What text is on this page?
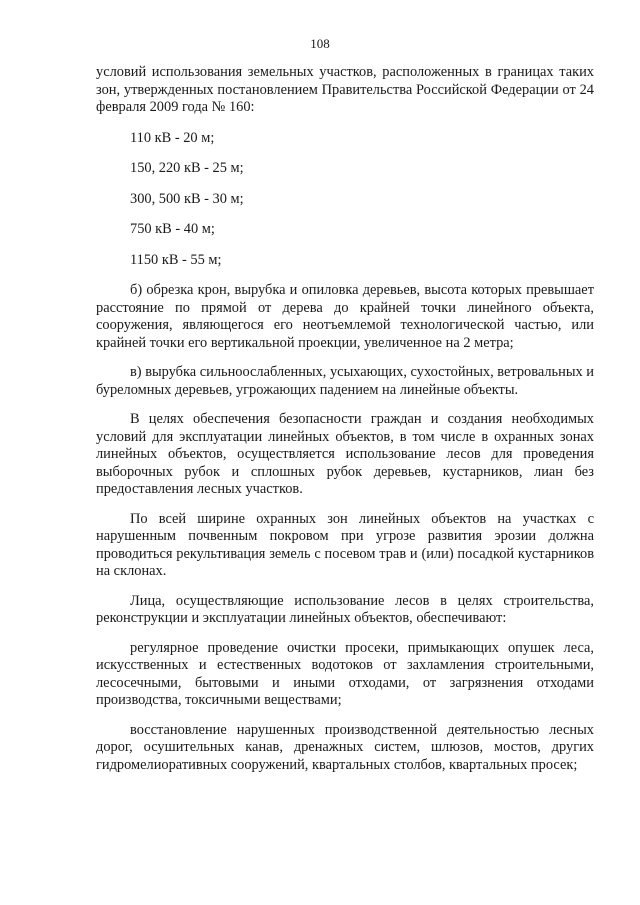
108

условий использования земельных участков, расположенных в границах таких зон, утвержденных постановлением Правительства Российской Федерации от 24 февраля 2009 года № 160:

110 кВ - 20 м;

150, 220 кВ - 25 м;

300, 500 кВ - 30 м;

750 кВ - 40 м;

1150 кВ - 55 м;

б) обрезка крон, вырубка и опиловка деревьев, высота которых превышает расстояние по прямой от дерева до крайней точки линейного объекта, сооружения, являющегося его неотъемлемой технологической частью, или крайней точки его вертикальной проекции, увеличенное на 2 метра;

в) вырубка сильноослабленных, усыхающих, сухостойных, ветровальных и буреломных деревьев, угрожающих падением на линейные объекты.

В целях обеспечения безопасности граждан и создания необходимых условий для эксплуатации линейных объектов, в том числе в охранных зонах линейных объектов, осуществляется использование лесов для проведения выборочных рубок и сплошных рубок деревьев, кустарников, лиан без предоставления лесных участков.

По всей ширине охранных зон линейных объектов на участках с нарушенным почвенным покровом при угрозе развития эрозии должна проводиться рекультивация земель с посевом трав и (или) посадкой кустарников на склонах.

Лица, осуществляющие использование лесов в целях строительства, реконструкции и эксплуатации линейных объектов, обеспечивают:

регулярное проведение очистки просеки, примыкающих опушек леса, искусственных и естественных водотоков от захламления строительными, лесосечными, бытовыми и иными отходами, от загрязнения отходами производства, токсичными веществами;

восстановление нарушенных производственной деятельностью лесных дорог, осушительных канав, дренажных систем, шлюзов, мостов, других гидромелиоративных сооружений, квартальных столбов, квартальных просек;
